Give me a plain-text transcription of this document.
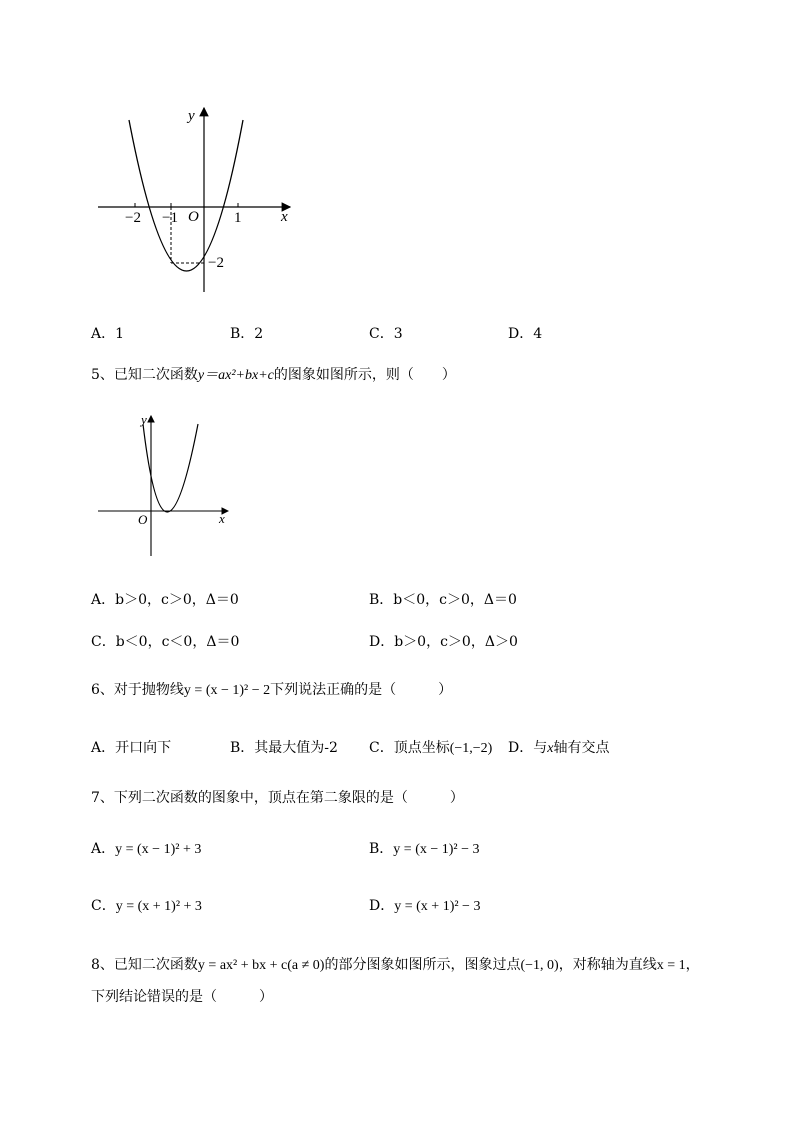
y
x
O
−2 −1	1
−2
A．1	B．2	C．3	D．4
5、已知二次函数y＝ax²+bx+c的图象如图所示，则（　　）
y
x
O
A．b＞0，c＞0，Δ＝0	B．b＜0，c＞0，Δ＝0
C．b＜0，c＜0，Δ＝0	D．b＞0，c＞0，Δ＞0
6、对于抛物线y = (x − 1)² − 2下列说法正确的是（　　　）
A．开口向下	B．其最大值为-2 C．顶点坐标(−1,−2) D．与x轴有交点
7、下列二次函数的图象中，顶点在第二象限的是（　　　）
A．y = (x − 1)² + 3	B．y = (x − 1)² − 3
C．y = (x + 1)² + 3	D．y = (x + 1)² − 3
8、已知二次函数y = ax² + bx + c(a ≠ 0)的部分图象如图所示，图象过点(−1, 0)，对称轴为直线x = 1，
下列结论错误的是（　　　）
